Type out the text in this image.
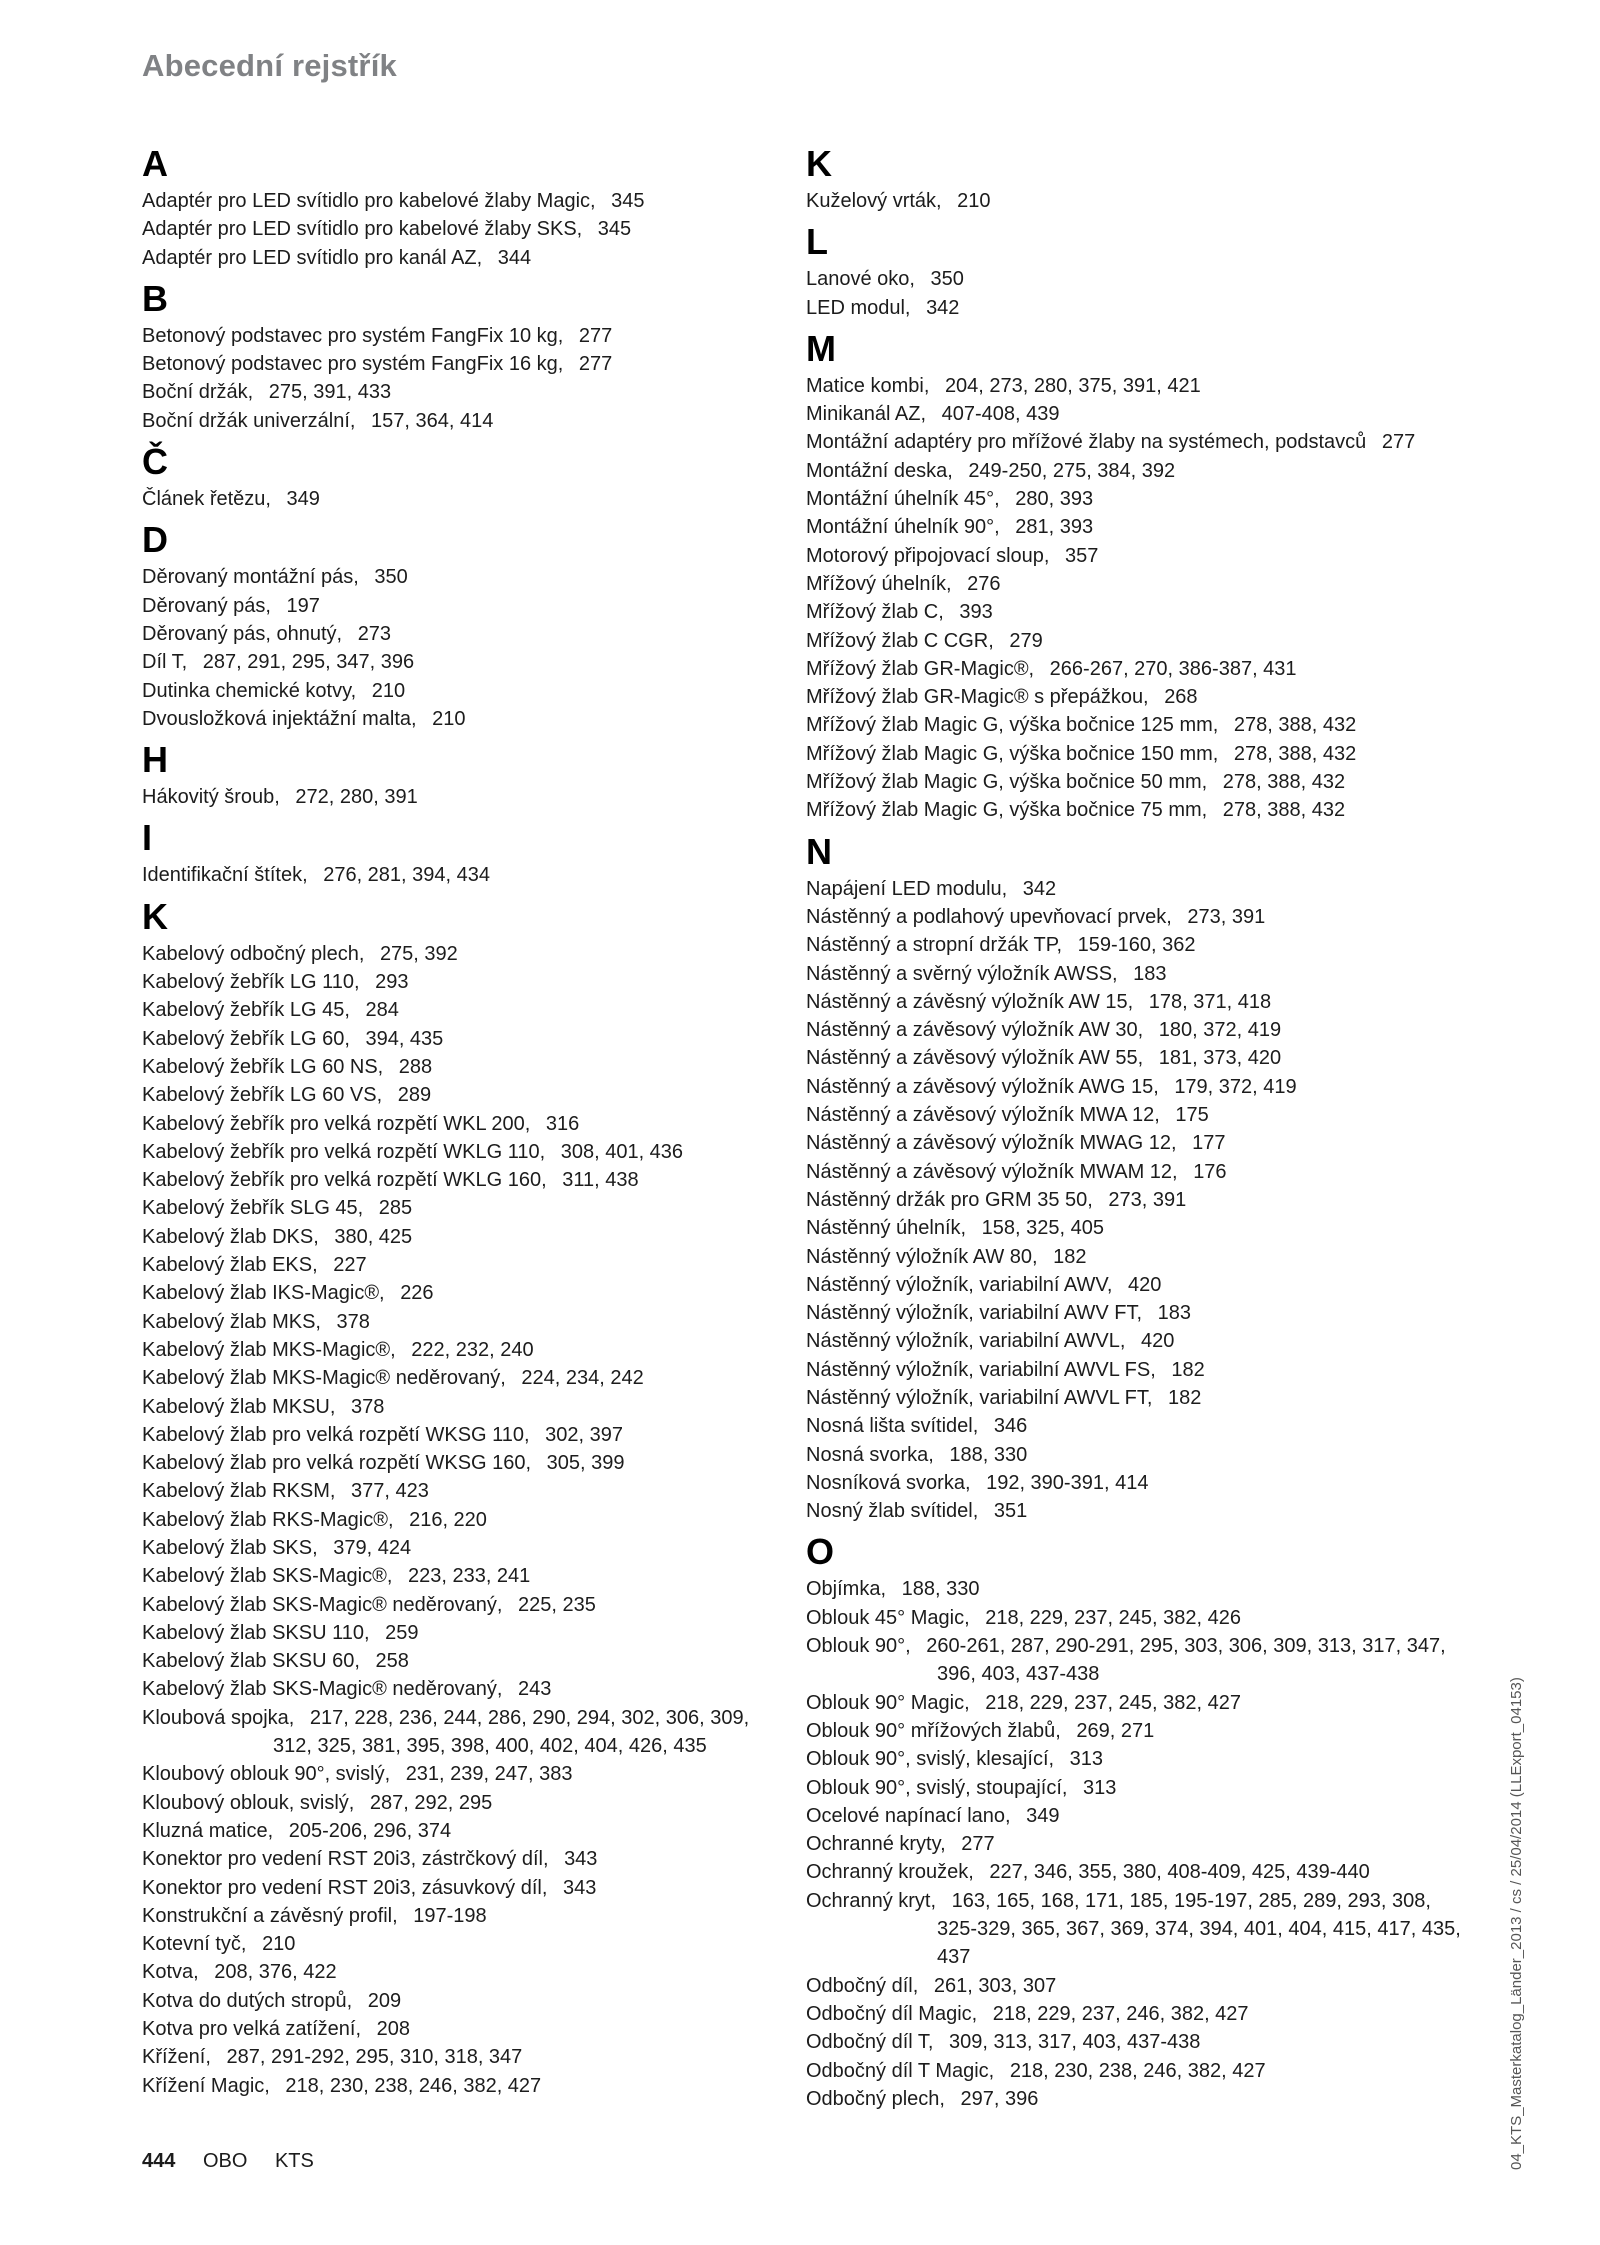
Abecední rejstřík
A
Adaptér pro LED svítidlo pro kabelové žlaby Magic, 345
Adaptér pro LED svítidlo pro kabelové žlaby SKS, 345
Adaptér pro LED svítidlo pro kanál AZ, 344
B
Betonový podstavec pro systém FangFix 10 kg, 277
Betonový podstavec pro systém FangFix 16 kg, 277
Boční držák, 275, 391, 433
Boční držák univerzální, 157, 364, 414
Č
Článek řetězu, 349
D
Děrovaný montážní pás, 350
Děrovaný pás, 197
Děrovaný pás, ohnutý, 273
Díl T, 287, 291, 295, 347, 396
Dutinka chemické kotvy, 210
Dvousložková injektážní malta, 210
H
Hákovitý šroub, 272, 280, 391
I
Identifikační štítek, 276, 281, 394, 434
K
Kabelový odbočný plech, 275, 392
Kabelový žebřík LG 110, 293
Kabelový žebřík LG 45, 284
Kabelový žebřík LG 60, 394, 435
Kabelový žebřík LG 60 NS, 288
Kabelový žebřík LG 60 VS, 289
Kabelový žebřík pro velká rozpětí WKL 200, 316
Kabelový žebřík pro velká rozpětí WKLG 110, 308, 401, 436
Kabelový žebřík pro velká rozpětí WKLG 160, 311, 438
Kabelový žebřík SLG 45, 285
Kabelový žlab DKS, 380, 425
Kabelový žlab EKS, 227
Kabelový žlab IKS-Magic®, 226
Kabelový žlab MKS, 378
Kabelový žlab MKS-Magic®, 222, 232, 240
Kabelový žlab MKS-Magic® neděrovaný, 224, 234, 242
Kabelový žlab MKSU, 378
Kabelový žlab pro velká rozpětí WKSG 110, 302, 397
Kabelový žlab pro velká rozpětí WKSG 160, 305, 399
Kabelový žlab RKSM, 377, 423
Kabelový žlab RKS-Magic®, 216, 220
Kabelový žlab SKS, 379, 424
Kabelový žlab SKS-Magic®, 223, 233, 241
Kabelový žlab SKS-Magic® neděrovaný, 225, 235
Kabelový žlab SKSU 110, 259
Kabelový žlab SKSU 60, 258
Kabelový žlab SKS-Magic® neděrovaný, 243
Kloubová spojka, 217, 228, 236, 244, 286, 290, 294, 302, 306, 309, 312, 325, 381, 395, 398, 400, 402, 404, 426, 435
Kloubový oblouk 90°, svislý, 231, 239, 247, 383
Kloubový oblouk, svislý, 287, 292, 295
Kluzná matice, 205-206, 296, 374
Konektor pro vedení RST 20i3, zástrčkový díl, 343
Konektor pro vedení RST 20i3, zásuvkový díl, 343
Konstrukční a závěsný profil, 197-198
Kotevní tyč, 210
Kotva, 208, 376, 422
Kotva do dutých stropů, 209
Kotva pro velká zatížení, 208
Křížení, 287, 291-292, 295, 310, 318, 347
Křížení Magic, 218, 230, 238, 246, 382, 427
K
Kuželový vrták, 210
L
Lanové oko, 350
LED modul, 342
M
Matice kombi, 204, 273, 280, 375, 391, 421
Minikanál AZ, 407-408, 439
Montážní adaptéry pro mřížové žlaby na systémech, podstavců 277
Montážní deska, 249-250, 275, 384, 392
Montážní úhelník 45°, 280, 393
Montážní úhelník 90°, 281, 393
Motorový připojovací sloup, 357
Mřížový úhelník, 276
Mřížový žlab C, 393
Mřížový žlab C CGR, 279
Mřížový žlab GR-Magic®, 266-267, 270, 386-387, 431
Mřížový žlab GR-Magic® s přepážkou, 268
Mřížový žlab Magic G, výška bočnice 125 mm, 278, 388, 432
Mřížový žlab Magic G, výška bočnice 150 mm, 278, 388, 432
Mřížový žlab Magic G, výška bočnice 50 mm, 278, 388, 432
Mřížový žlab Magic G, výška bočnice 75 mm, 278, 388, 432
N
Napájení LED modulu, 342
Nástěnný a podlahový upevňovací prvek, 273, 391
Nástěnný a stropní držák TP, 159-160, 362
Nástěnný a svěrný výložník AWSS, 183
Nástěnný a závěsný výložník AW 15, 178, 371, 418
Nástěnný a závěsový výložník AW 30, 180, 372, 419
Nástěnný a závěsový výložník AW 55, 181, 373, 420
Nástěnný a závěsový výložník AWG 15, 179, 372, 419
Nástěnný a závěsový výložník MWA 12, 175
Nástěnný a závěsový výložník MWAG 12, 177
Nástěnný a závěsový výložník MWAM 12, 176
Nástěnný držák pro GRM 35 50, 273, 391
Nástěnný úhelník, 158, 325, 405
Nástěnný výložník AW 80, 182
Nástěnný výložník, variabilní AWV, 420
Nástěnný výložník, variabilní AWV FT, 183
Nástěnný výložník, variabilní AWVL, 420
Nástěnný výložník, variabilní AWVL FS, 182
Nástěnný výložník, variabilní AWVL FT, 182
Nosná lišta svítidel, 346
Nosná svorka, 188, 330
Nosníková svorka, 192, 390-391, 414
Nosný žlab svítidel, 351
O
Objímka, 188, 330
Oblouk 45° Magic, 218, 229, 237, 245, 382, 426
Oblouk 90°, 260-261, 287, 290-291, 295, 303, 306, 309, 313, 317, 347, 396, 403, 437-438
Oblouk 90° Magic, 218, 229, 237, 245, 382, 427
Oblouk 90° mřížových žlabů, 269, 271
Oblouk 90°, svislý, klesající, 313
Oblouk 90°, svislý, stoupající, 313
Ocelové napínací lano, 349
Ochranné kryty, 277
Ochranný kroužek, 227, 346, 355, 380, 408-409, 425, 439-440
Ochranný kryt, 163, 165, 168, 171, 185, 195-197, 285, 289, 293, 308, 325-329, 365, 367, 369, 374, 394, 401, 404, 415, 417, 435, 437
Odbočný díl, 261, 303, 307
Odbočný díl Magic, 218, 229, 237, 246, 382, 427
Odbočný díl T, 309, 313, 317, 403, 437-438
Odbočný díl T Magic, 218, 230, 238, 246, 382, 427
Odbočný plech, 297, 396
444 OBO KTS	04_KTS_Masterkatalog_Länder_2013 / cs / 25/04/2014 (LLExport_04153)
